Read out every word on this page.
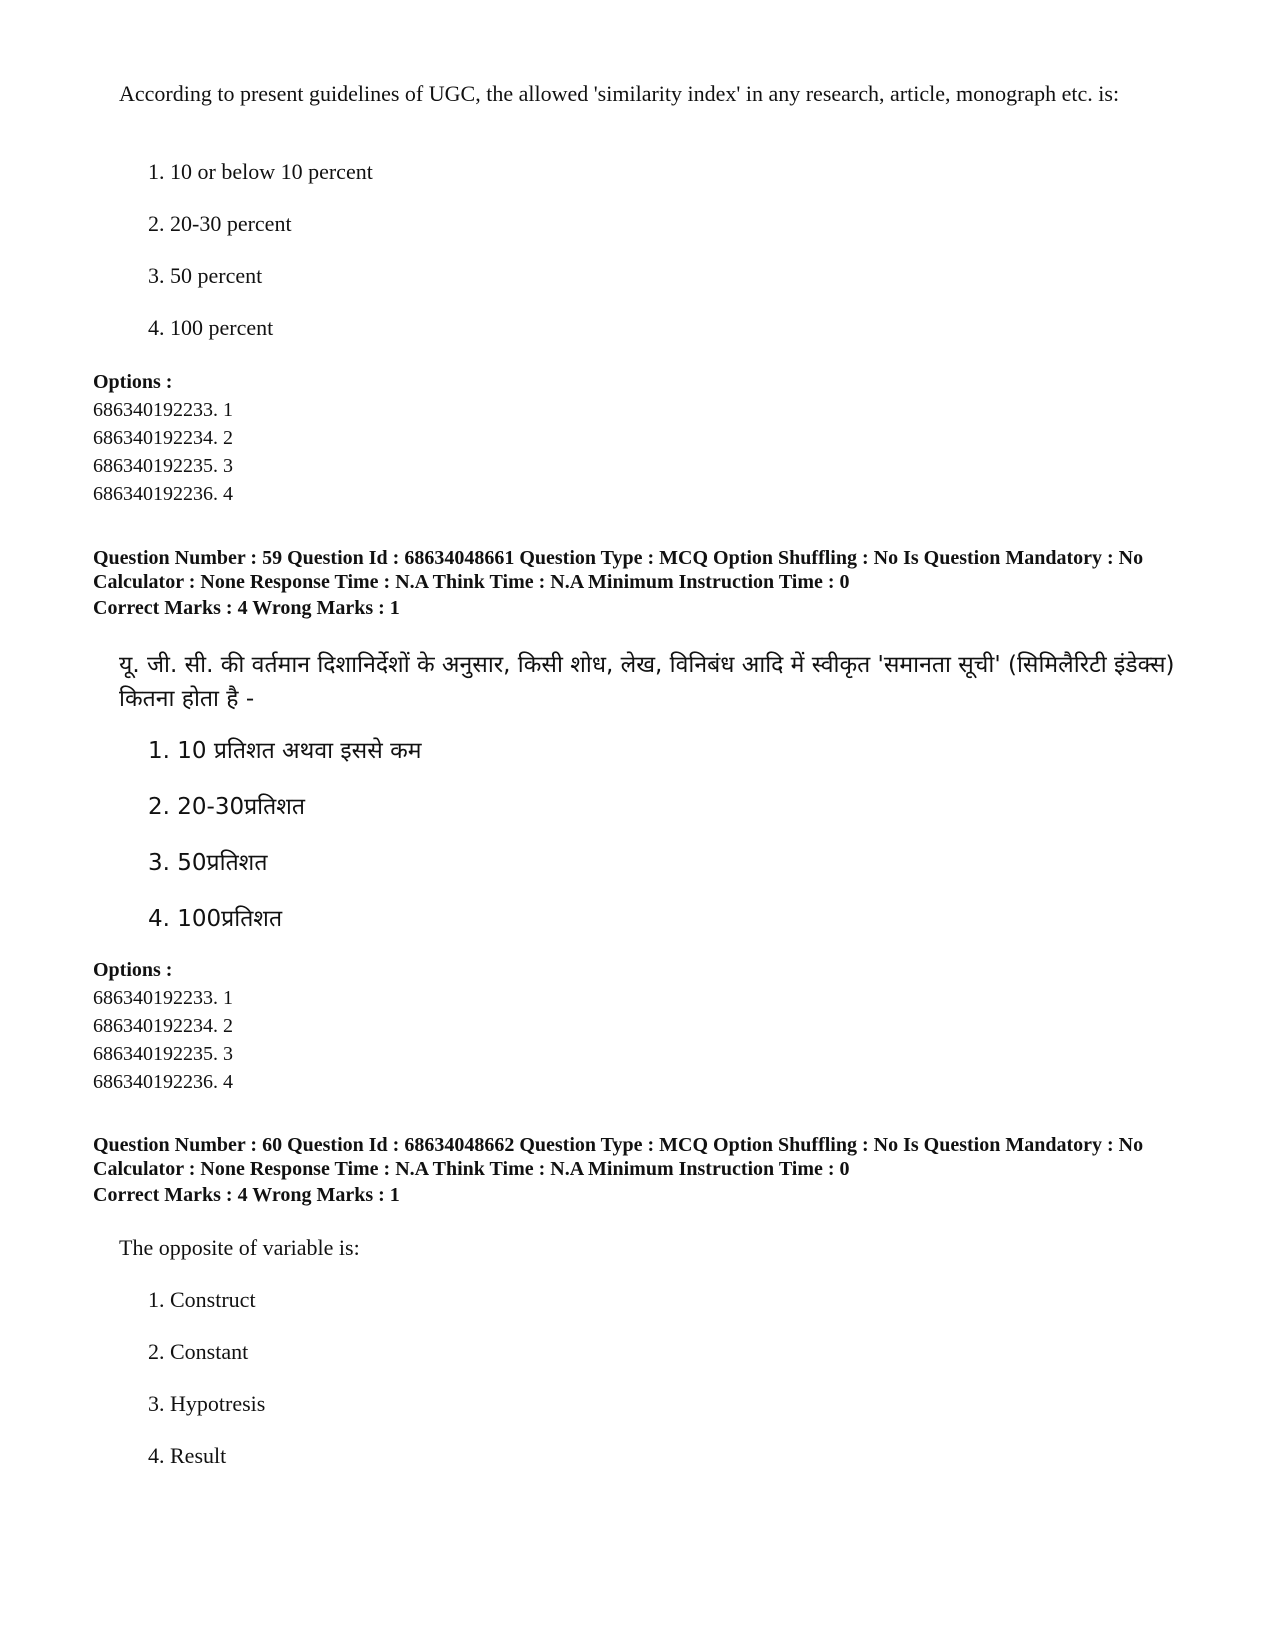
According to present guidelines of UGC, the allowed 'similarity index' in any research, article, monograph etc. is:
1. 10 or below 10 percent
2. 20-30 percent
3. 50 percent
4. 100 percent
Options :
686340192233. 1
686340192234. 2
686340192235. 3
686340192236. 4
Question Number : 59 Question Id : 68634048661 Question Type : MCQ Option Shuffling : No Is Question Mandatory : No Calculator : None Response Time : N.A Think Time : N.A Minimum Instruction Time : 0
Correct Marks : 4 Wrong Marks : 1
यू. जी. सी. की वर्तमान दिशानिर्देशों के अनुसार, किसी शोध, लेख, विनिबंध आदि में स्वीकृत 'समानता सूची' (सिमिलैरिटी इंडेक्स) कितना होता है -
1. 10 प्रतिशत अथवा इससे कम
2. 20-30प्रतिशत
3. 50प्रतिशत
4. 100प्रतिशत
Options :
686340192233. 1
686340192234. 2
686340192235. 3
686340192236. 4
Question Number : 60 Question Id : 68634048662 Question Type : MCQ Option Shuffling : No Is Question Mandatory : No Calculator : None Response Time : N.A Think Time : N.A Minimum Instruction Time : 0
Correct Marks : 4 Wrong Marks : 1
The opposite of variable is:
1. Construct
2. Constant
3. Hypotresis
4. Result
